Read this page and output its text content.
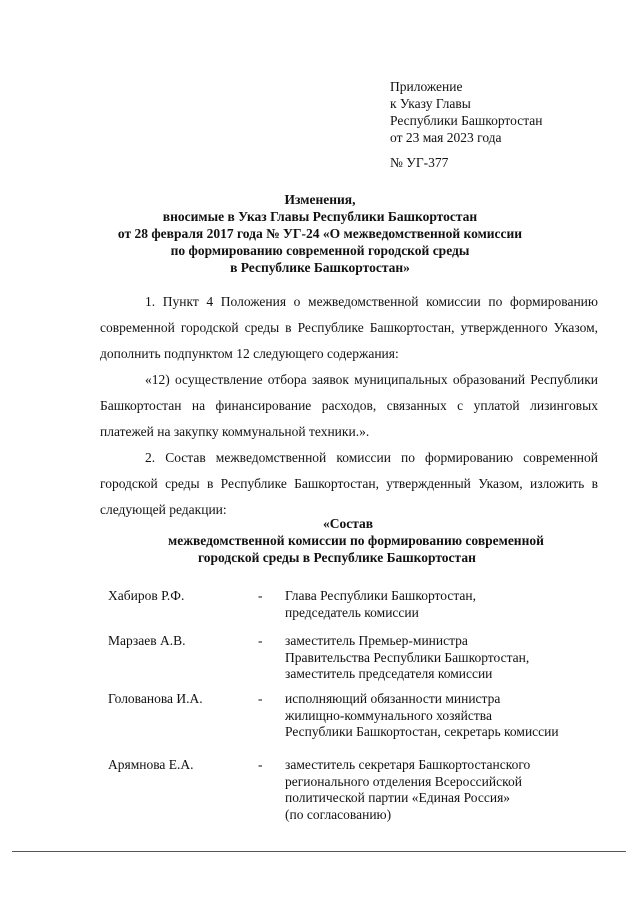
Приложение
к Указу Главы
Республики Башкортостан
от 23 мая 2023 года
№ УГ-377
Изменения,
вносимые в Указ Главы Республики Башкортостан
от 28 февраля 2017 года № УГ-24 «О межведомственной комиссии
по формированию современной городской среды
в Республике Башкортостан»

1. Пункт 4 Положения о межведомственной комиссии по формированию современной городской среды в Республике Башкортостан, утвержденного Указом, дополнить подпунктом 12 следующего содержания:

«12) осуществление отбора заявок муниципальных образований Республики Башкортостан на финансирование расходов, связанных с уплатой лизинговых платежей на закупку коммунальной техники.».

2. Состав межведомственной комиссии по формированию современной городской среды в Республике Башкортостан, утвержденный Указом, изложить в следующей редакции:

«Состав
межведомственной комиссии по формированию современной
городской среды в Республике Башкортостан
Хабиров Р.Ф.	- Глава Республики Башкортостан,
председатель комиссии
Марзаев А.В.	- заместитель Премьер-министра
Правительства Республики Башкортостан,
заместитель председателя комиссии
Голованова И.А.	- исполняющий обязанности министра
жилищно-коммунального хозяйства
Республики Башкортостан, секретарь комиссии
Арямнова Е.А.	- заместитель секретаря Башкортостанского
регионального отделения Всероссийской
политической партии «Единая Россия»
(по согласованию)
